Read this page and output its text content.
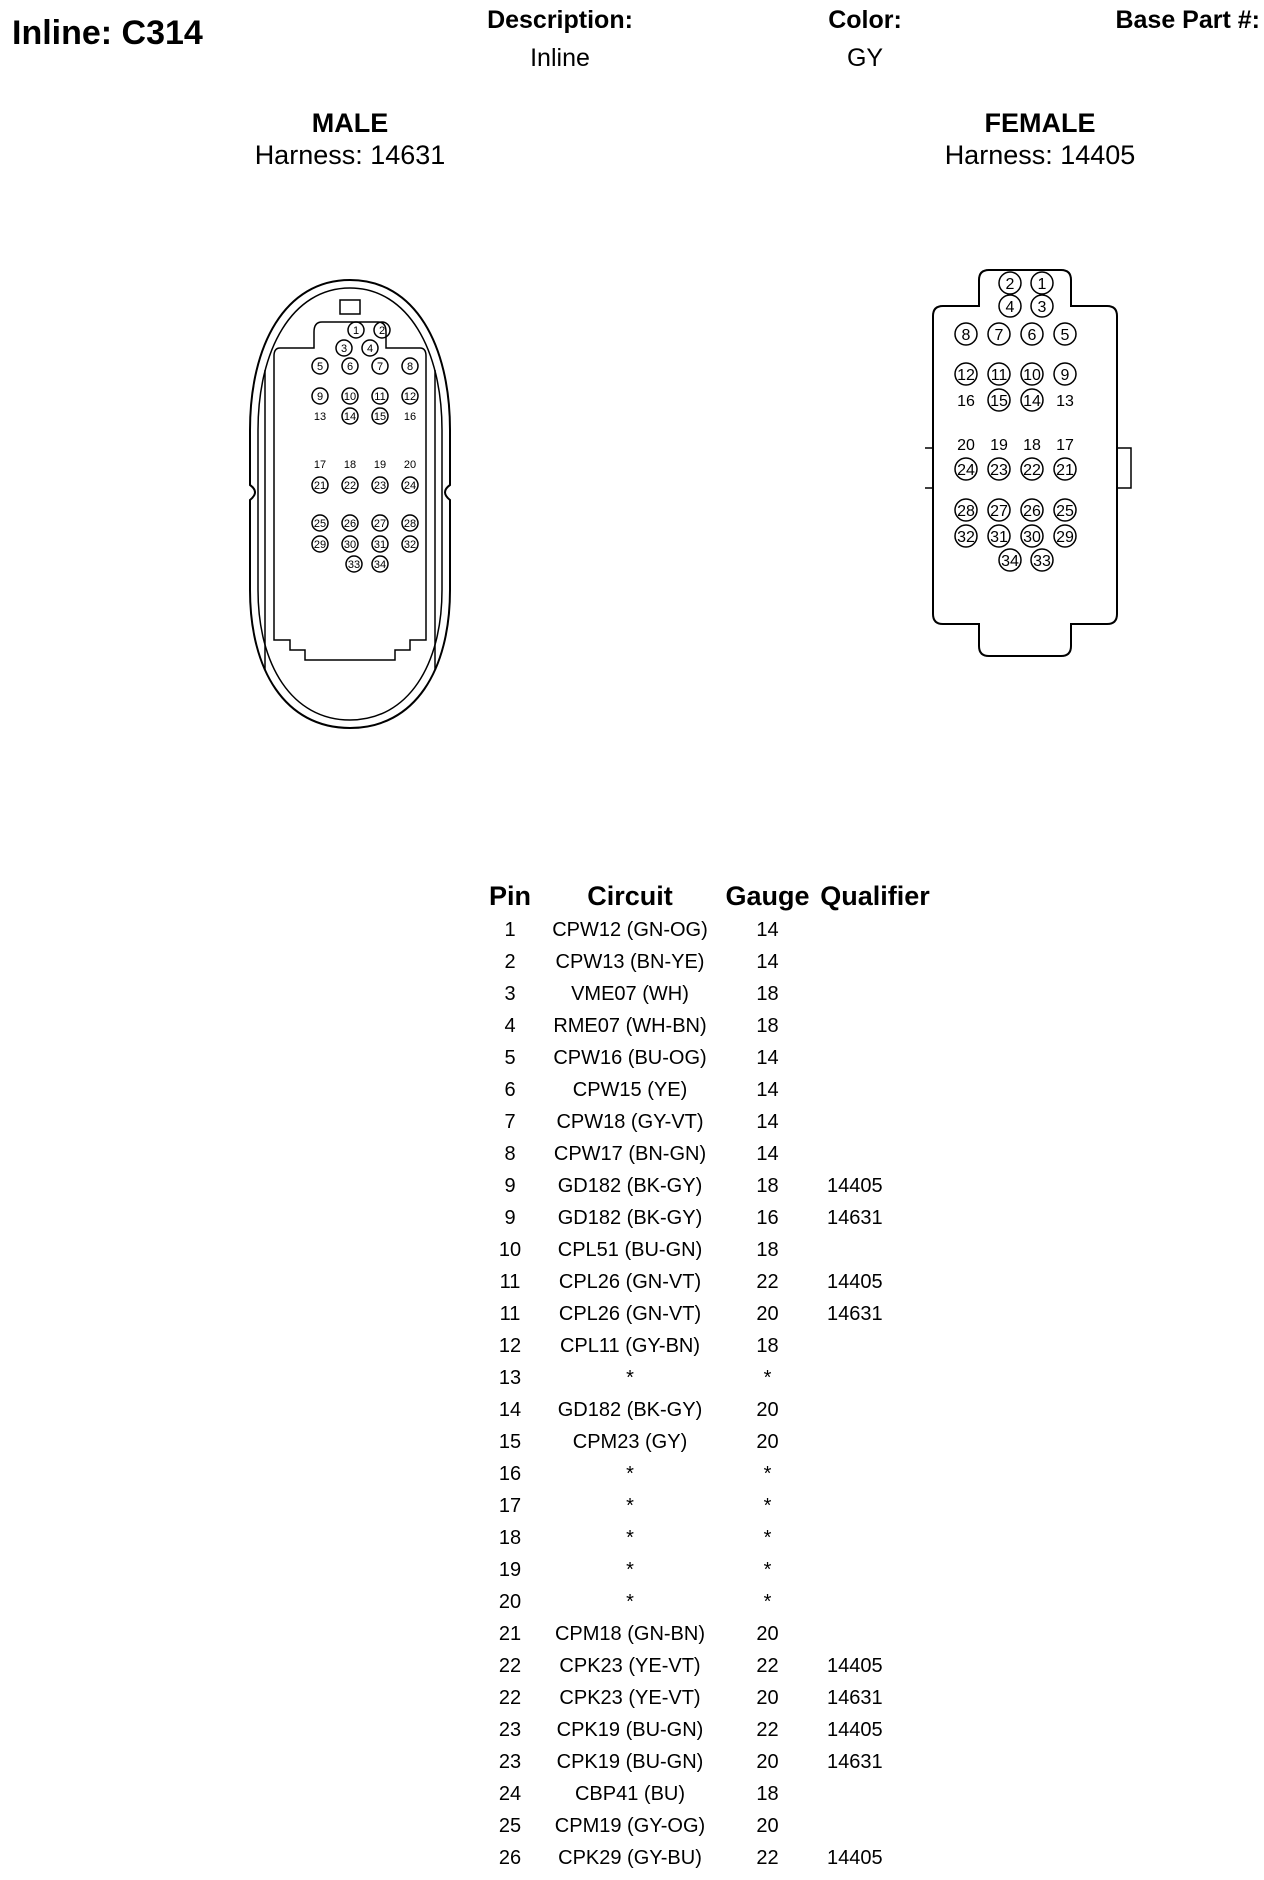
Inline: C314	Description:
Inline
Color:
GY
Base Part #:
MALE
Harness: 14631
FEMALE
Harness: 14405
1 2
3 4
5 6 7 8
9 10 11 12
13 14 15 16
17 18 19 20
21 22 23 24
25 26 27 28
29 30 31 32
33 34
2 1
4 3
8 7 6 5
12 11 10 9
16 15 14 13
20 19 18 17
24 23 22 21
28 27 26 25
32 31 30 29
34 33
Pin	Circuit	Gauge	Qualifier
1	CPW12 (GN-OG)	14	
2	CPW13 (BN-YE)	14	
3	VME07 (WH)	18	
4	RME07 (WH-BN)	18	
5	CPW16 (BU-OG)	14	
6	CPW15 (YE)	14	
7	CPW18 (GY-VT)	14	
8	CPW17 (BN-GN)	14	
9	GD182 (BK-GY)	18	14405
9	GD182 (BK-GY)	16	14631
10	CPL51 (BU-GN)	18	
11	CPL26 (GN-VT)	22	14405
11	CPL26 (GN-VT)	20	14631
12	CPL11 (GY-BN)	18	
13	*	*	
14	GD182 (BK-GY)	20	
15	CPM23 (GY)	20	
16	*	*	
17	*	*	
18	*	*	
19	*	*	
20	*	*	
21	CPM18 (GN-BN)	20	
22	CPK23 (YE-VT)	22	14405
22	CPK23 (YE-VT)	20	14631
23	CPK19 (BU-GN)	22	14405
23	CPK19 (BU-GN)	20	14631
24	CBP41 (BU)	18	
25	CPM19 (GY-OG)	20	
26	CPK29 (GY-BU)	22	14405
